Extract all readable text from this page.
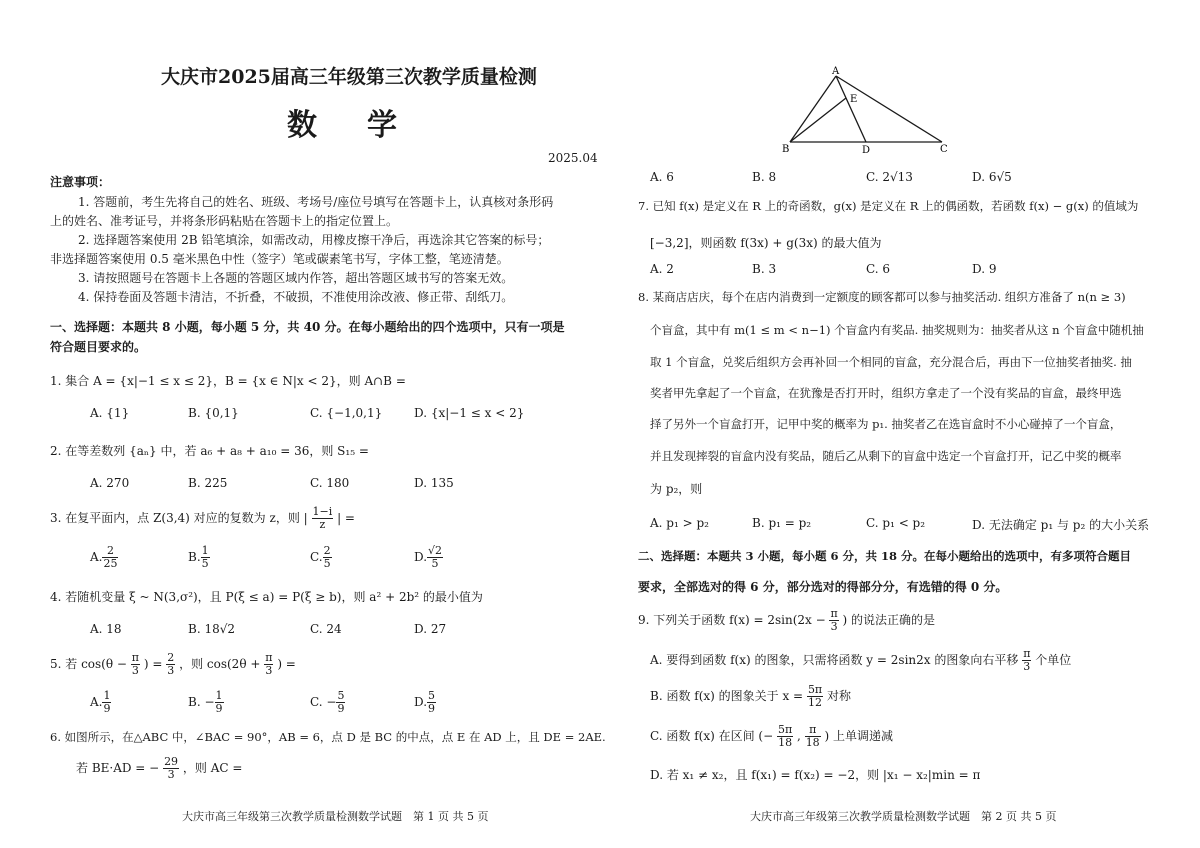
大庆市2025届高三年级第三次教学质量检测
数　学
2025.04
注意事项：
1. 答题前，考生先将自己的姓名、班级、考场号/座位号填写在答题卡上，认真核对条形码
上的姓名、准考证号，并将条形码粘贴在答题卡上的指定位置上。
2. 选择题答案使用 2B 铅笔填涂，如需改动，用橡皮擦干净后，再选涂其它答案的标号；
非选择题答案使用 0.5 毫米黑色中性（签字）笔或碳素笔书写，字体工整，笔迹清楚。
3. 请按照题号在答题卡上各题的答题区域内作答，超出答题区域书写的答案无效。
4. 保持卷面及答题卡清洁，不折叠，不破损，不准使用涂改液、修正带、刮纸刀。
一、选择题：本题共 8 小题，每小题 5 分，共 40 分。在每小题给出的四个选项中，只有一项是
符合题目要求的。
1. 集合 A = {x|−1 ≤ x ≤ 2}，B = {x ∈ N|x < 2}，则 A∩B =
A. {1}	B. {0,1}	C. {−1,0,1}	D. {x|−1 ≤ x < 2}
2. 在等差数列 {aₙ} 中，若 a₆ + a₈ + a₁₀ = 36，则 S₁₅ =
A. 270	B. 225	C. 180	D. 135
3. 在复平面内，点 Z(3,4) 对应的复数为 z，则 | $\frac{1-i}{z}$ | =
A. $\frac{2}{25}$	B. $\frac{1}{5}$	C. $\frac{2}{5}$	D. $\frac{√2}{5}$
4. 若随机变量 ξ ~ N(3,σ²)，且 P(ξ ≤ a) = P(ξ ≥ b)，则 a² + 2b² 的最小值为
A. 18	B. 18√2	C. 24	D. 27
5. 若 $\cos(\theta - \frac{\pi}{3}$ ) = $\frac{2}{3}$ ，则 $\cos(2\theta + \frac{\pi}{3}$ ) =
A. $\frac{1}{9}$	B. − $\frac{1}{9}$	C. − $\frac{5}{9}$	D. $\frac{5}{9}$
6. 如图所示，在△ABC 中，∠BAC = 90°，AB = 6，点 D 是 BC 的中点，点 E 在 AD 上，且 DE = 2AE.
若 BE·AD = − $\frac{29}{3}$ ，则 AC =
大庆市高三年级第三次教学质量检测数学试题　第 1 页 共 5 页
A
E
B	D	C
A. 6	B. 8	C. 2√13	D. 6√5
7. 已知 f(x) 是定义在 R 上的奇函数，g(x) 是定义在 R 上的偶函数，若函数 f(x) − g(x) 的值域为
[−3,2]，则函数 f(3x) + g(3x) 的最大值为
A. 2	B. 3	C. 6	D. 9
8. 某商店店庆，每个在店内消费到一定额度的顾客都可以参与抽奖活动. 组织方准备了 n(n ≥ 3)
个盲盒，其中有 m(1 ≤ m < n−1) 个盲盒内有奖品. 抽奖规则为：抽奖者从这 n 个盲盒中随机抽
取 1 个盲盒，兑奖后组织方会再补回一个相同的盲盒，充分混合后，再由下一位抽奖者抽奖. 抽
奖者甲先拿起了一个盲盒，在犹豫是否打开时，组织方拿走了一个没有奖品的盲盒，最终甲选
择了另外一个盲盒打开，记甲中奖的概率为 p₁. 抽奖者乙在选盲盒时不小心碰掉了一个盲盒，
并且发现摔裂的盲盒内没有奖品，随后乙从剩下的盲盒中选定一个盲盒打开，记乙中奖的概率
为 p₂，则
A. p₁ > p₂	B. p₁ = p₂	C. p₁ < p₂	D. 无法确定 p₁ 与 p₂ 的大小关系
二、选择题：本题共 3 小题，每小题 6 分，共 18 分。在每小题给出的选项中，有多项符合题目
要求，全部选对的得 6 分，部分选对的得部分分，有选错的得 0 分。
9. 下列关于函数 $f(x) = 2\sin(2x - \frac{\pi}{3}$ ) 的说法正确的是
A. 要得到函数 f(x) 的图象，只需将函数 y = 2sin2x 的图象向右平移 $\frac{\pi}{3}$ 个单位
B. 函数 f(x) 的图象关于 $x = \frac{5\pi}{12}$ 对称
C. 函数 f(x) 在区间 (− $\frac{5\pi}{18}$ , $\frac{\pi}{18}$ ) 上单调递减
D. 若 x₁ ≠ x₂，且 f(x₁) = f(x₂) = −2，则 |x₁ − x₂|min = π
大庆市高三年级第三次教学质量检测数学试题　第 2 页 共 5 页
